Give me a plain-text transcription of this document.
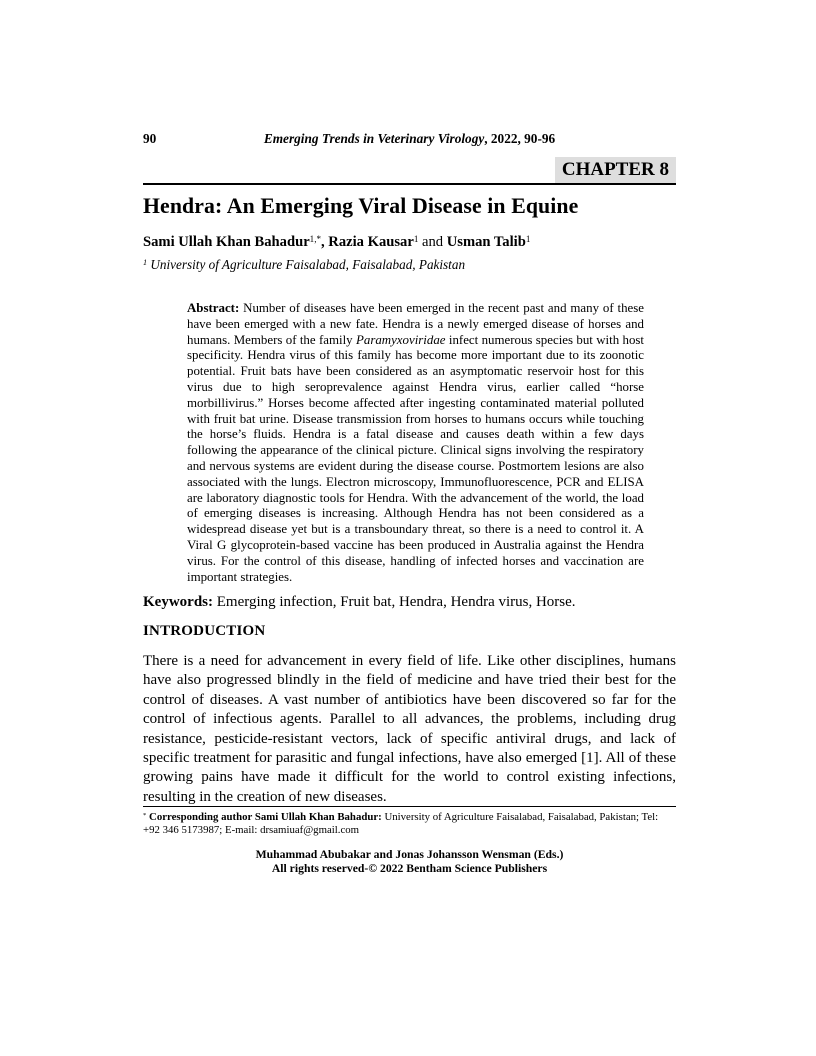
90	Emerging Trends in Veterinary Virology, 2022, 90-96
CHAPTER 8
Hendra: An Emerging Viral Disease in Equine

Sami Ullah Khan Bahadur$^{1,*}$, Razia Kausar$^1$ and Usman Talib$^1$

$^1$ University of Agriculture Faisalabad, Faisalabad, Pakistan

Abstract: Number of diseases have been emerged in the recent past and many of these have been emerged with a new fate. Hendra is a newly emerged disease of horses and humans. Members of the family Paramyxoviridae infect numerous species but with host specificity. Hendra virus of this family has become more important due to its zoonotic potential. Fruit bats have been considered as an asymptomatic reservoir host for this virus due to high seroprevalence against Hendra virus, earlier called “horse morbillivirus.” Horses become affected after ingesting contaminated material polluted with fruit bat urine. Disease transmission from horses to humans occurs while touching the horse’s fluids. Hendra is a fatal disease and causes death within a few days following the appearance of the clinical picture. Clinical signs involving the respiratory and nervous systems are evident during the disease course. Postmortem lesions are also associated with the lungs. Electron microscopy, Immunofluorescence, PCR and ELISA are laboratory diagnostic tools for Hendra. With the advancement of the world, the load of emerging diseases is increasing. Although Hendra has not been considered as a widespread disease yet but is a transboundary threat, so there is a need to control it. A Viral G glycoprotein-based vaccine has been produced in Australia against the Hendra virus. For the control of this disease, handling of infected horses and vaccination are important strategies.

Keywords: Emerging infection, Fruit bat, Hendra, Hendra virus, Horse.

INTRODUCTION

There is a need for advancement in every field of life. Like other disciplines, humans have also progressed blindly in the field of medicine and have tried their best for the control of diseases. A vast number of antibiotics have been discovered so far for the control of infectious agents. Parallel to all advances, the problems, including drug resistance, pesticide-resistant vectors, lack of specific antiviral drugs, and lack of specific treatment for parasitic and fungal infections, have also emerged [1]. All of these growing pains have made it difficult for the world to control existing infections, resulting in the creation of new diseases.

* Corresponding author Sami Ullah Khan Bahadur: University of Agriculture Faisalabad, Faisalabad, Pakistan; Tel: +92 346 5173987; E-mail: drsamiuaf@gmail.com

Muhammad Abubakar and Jonas Johansson Wensman (Eds.)

All rights reserved-© 2022 Bentham Science Publishers
